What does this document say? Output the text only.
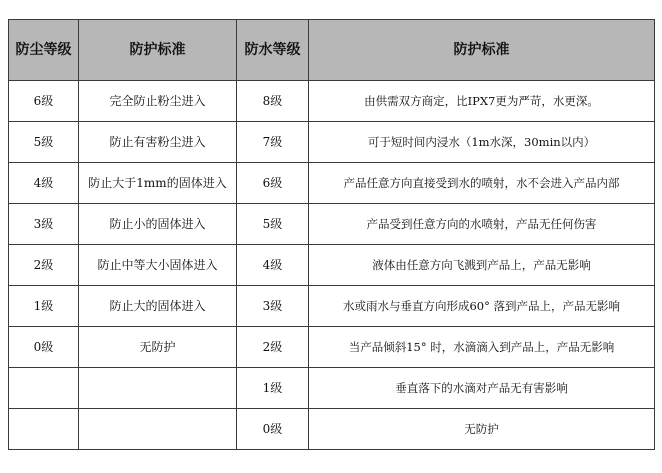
防尘等级	防护标准	防水等级	防护标准
6级	完全防止粉尘进入	8级	由供需双方商定，比IPX7更为严苛，水更深。
5级	防止有害粉尘进入	7级	可于短时间内浸水（1m水深，30min以内）
4级	防止大于1mm的固体进入	6级	产品任意方向直接受到水的喷射，水不会进入产品内部
3级	防止小的固体进入	5级	产品受到任意方向的水喷射，产品无任何伤害
2级	防止中等大小固体进入	4级	液体由任意方向飞溅到产品上，产品无影响
1级	防止大的固体进入	3级	水或雨水与垂直方向形成60° 落到产品上，产品无影响
0级	无防护	2级	当产品倾斜15° 时，水滴滴入到产品上，产品无影响
		1级	垂直落下的水滴对产品无有害影响
		0级	无防护
